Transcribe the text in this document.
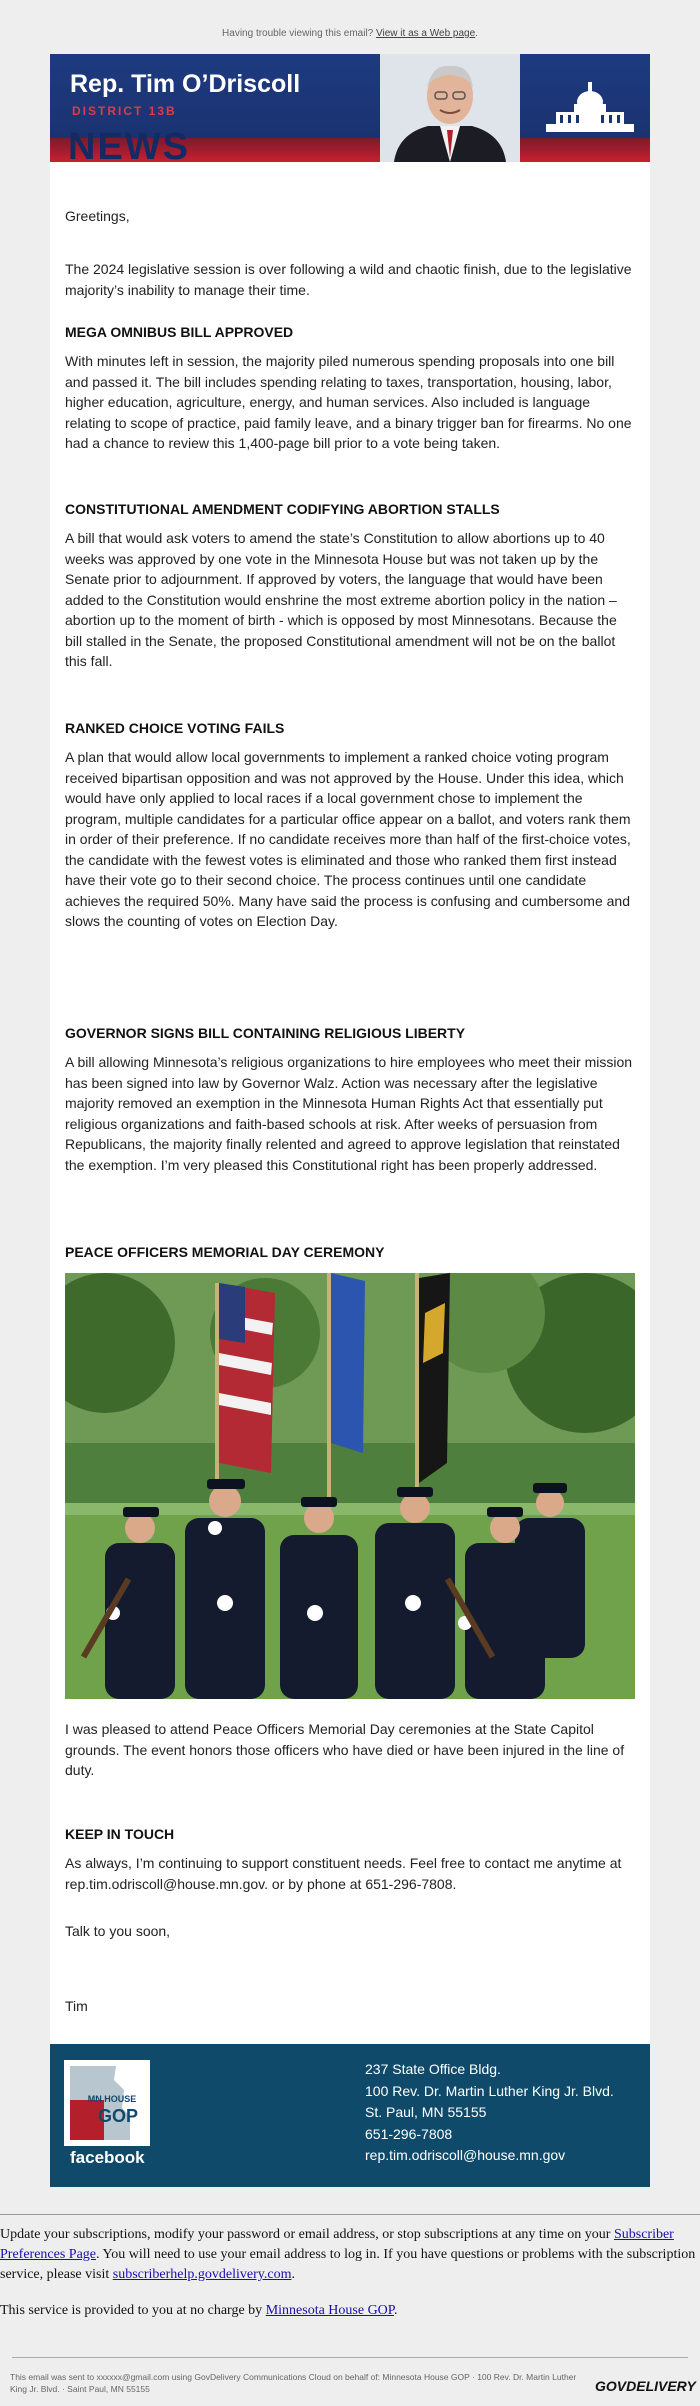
Having trouble viewing this email? View it as a Web page.
Rep. Tim O’Driscoll
DISTRICT 13B
NEWS
Greetings,
The 2024 legislative session is over following a wild and chaotic finish, due to the legislative majority’s inability to manage their time.
MEGA OMNIBUS BILL APPROVED
With minutes left in session, the majority piled numerous spending proposals into one bill and passed it. The bill includes spending relating to taxes, transportation, housing, labor, higher education, agriculture, energy, and human services. Also included is language relating to scope of practice, paid family leave, and a binary trigger ban for firearms. No one had a chance to review this 1,400-page bill prior to a vote being taken.
CONSTITUTIONAL AMENDMENT CODIFYING ABORTION STALLS
A bill that would ask voters to amend the state’s Constitution to allow abortions up to 40 weeks was approved by one vote in the Minnesota House but was not taken up by the Senate prior to adjournment. If approved by voters, the language that would have been added to the Constitution would enshrine the most extreme abortion policy in the nation – abortion up to the moment of birth - which is opposed by most Minnesotans. Because the bill stalled in the Senate, the proposed Constitutional amendment will not be on the ballot this fall.
RANKED CHOICE VOTING FAILS
A plan that would allow local governments to implement a ranked choice voting program received bipartisan opposition and was not approved by the House. Under this idea, which would have only applied to local races if a local government chose to implement the program, multiple candidates for a particular office appear on a ballot, and voters rank them in order of their preference. If no candidate receives more than half of the first-choice votes, the candidate with the fewest votes is eliminated and those who ranked them first instead have their vote go to their second choice. The process continues until one candidate achieves the required 50%. Many have said the process is confusing and cumbersome and slows the counting of votes on Election Day.
GOVERNOR SIGNS BILL CONTAINING RELIGIOUS LIBERTY
A bill allowing Minnesota’s religious organizations to hire employees who meet their mission has been signed into law by Governor Walz. Action was necessary after the legislative majority removed an exemption in the Minnesota Human Rights Act that essentially put religious organizations and faith-based schools at risk. After weeks of persuasion from Republicans, the majority finally relented and agreed to approve legislation that reinstated the exemption. I’m very pleased this Constitutional right has been properly addressed.
PEACE OFFICERS MEMORIAL DAY CEREMONY
I was pleased to attend Peace Officers Memorial Day ceremonies at the State Capitol grounds. The event honors those officers who have died or have been injured in the line of duty.
KEEP IN TOUCH
As always, I’m continuing to support constituent needs. Feel free to contact me anytime at rep.tim.odriscoll@house.mn.gov. or by phone at 651-296-7808.
Talk to you soon,
Tim
MN HOUSE
GOP
facebook
237 State Office Bldg.
100 Rev. Dr. Martin Luther King Jr. Blvd.
St. Paul, MN 55155
651-296-7808
rep.tim.odriscoll@house.mn.gov
Update your subscriptions, modify your password or email address, or stop subscriptions at any time on your Subscriber Preferences Page. You will need to use your email address to log in. If you have questions or problems with the subscription service, please visit subscriberhelp.govdelivery.com.
This service is provided to you at no charge by Minnesota House GOP.
This email was sent to xxxxxx@gmail.com using GovDelivery Communications Cloud on behalf of: Minnesota House GOP · 100 Rev. Dr. Martin Luther King Jr. Blvd. · Saint Paul, MN 55155	GOVDELIVERY
